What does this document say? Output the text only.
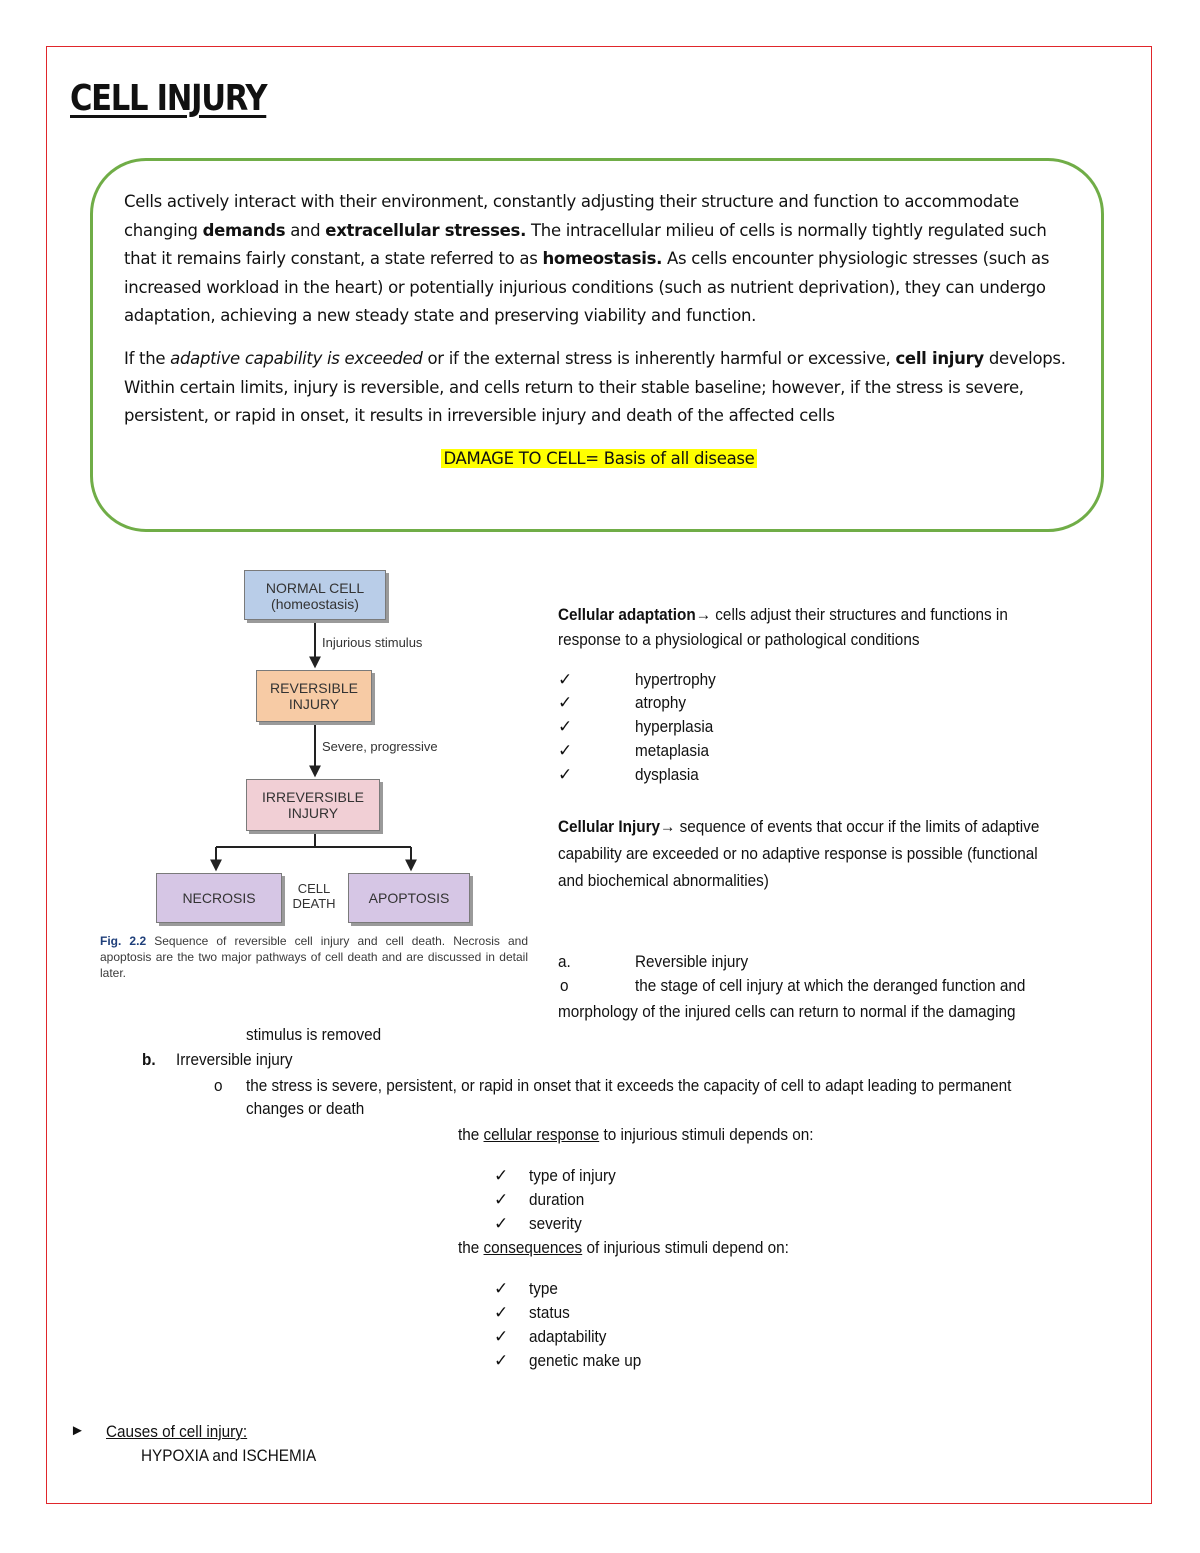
CELL INJURY

Cells actively interact with their environment, constantly adjusting their structure and function to accommodate changing demands and extracellular stresses. The intracellular milieu of cells is normally tightly regulated such that it remains fairly constant, a state referred to as homeostasis. As cells encounter physiologic stresses (such as increased workload in the heart) or potentially injurious conditions (such as nutrient deprivation), they can undergo adaptation, achieving a new steady state and preserving viability and function.

If the adaptive capability is exceeded or if the external stress is inherently harmful or excessive, cell injury develops. Within certain limits, injury is reversible, and cells return to their stable baseline; however, if the stress is severe, persistent, or rapid in onset, it results in irreversible injury and death of the affected cells

DAMAGE TO CELL= Basis of all disease

NORMAL CELL
(homeostasis)
Injurious stimulus
REVERSIBLE
INJURY
Severe, progressive
IRREVERSIBLE
INJURY
NECROSIS
CELL
DEATH	APOPTOSIS
Fig. 2.2 Sequence of reversible cell injury and cell death. Necrosis and apoptosis are the two major pathways of cell death and are discussed in detail later.
Cellular adaptation→ cells adjust their structures and functions in
response to a physiological or pathological conditions
✓	hypertrophy
✓	atrophy
✓	hyperplasia
✓	metaplasia
✓	dysplasia
Cellular Injury→ sequence of events that occur if the limits of adaptive
capability are exceeded or no adaptive response is possible (functional
and biochemical abnormalities)
a.	Reversible injury
o	the stage of cell injury at which the deranged function and
morphology of the injured cells can return to normal if the damaging
stimulus is removed
b. Irreversible injury
o the stress is severe, persistent, or rapid in onset that it exceeds the capacity of cell to adapt leading to permanent
changes or death
the cellular response to injurious stimuli depends on:
✓ type of injury
✓ duration
✓ severity
the consequences of injurious stimuli depend on:
✓ type
✓ status
✓ adaptability
✓ genetic make up
► Causes of cell injury:
HYPOXIA and ISCHEMIA
